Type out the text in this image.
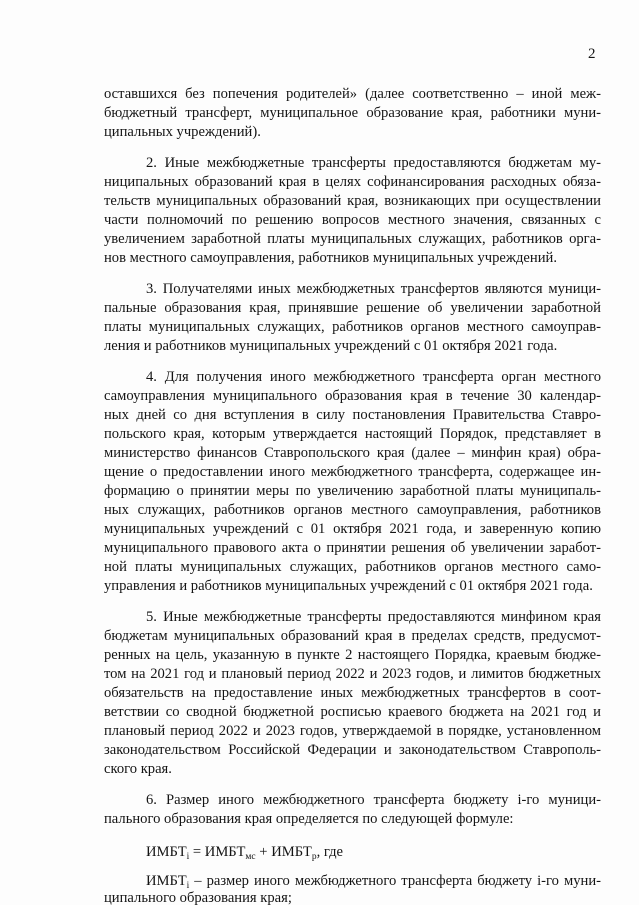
2
оставшихся без попечения родителей» (далее соответственно – иной меж-
бюджетный трансферт, муниципальное образование края, работники муни-
ципальных учреждений).
2. Иные межбюджетные трансферты предоставляются бюджетам му-
ниципальных образований края в целях софинансирования расходных обяза-
тельств муниципальных образований края, возникающих при осуществлении
части полномочий по решению вопросов местного значения, связанных с
увеличением заработной платы муниципальных служащих, работников орга-
нов местного самоуправления, работников муниципальных учреждений.
3. Получателями иных межбюджетных трансфертов являются муници-
пальные образования края, принявшие решение об увеличении заработной
платы муниципальных служащих, работников органов местного самоуправ-
ления и работников муниципальных учреждений с 01 октября 2021 года.
4. Для получения иного межбюджетного трансферта орган местного
самоуправления муниципального образования края в течение 30 календар-
ных дней со дня вступления в силу постановления Правительства Ставро-
польского края, которым утверждается настоящий Порядок, представляет в
министерство финансов Ставропольского края (далее – минфин края) обра-
щение о предоставлении иного межбюджетного трансферта, содержащее ин-
формацию о принятии меры по увеличению заработной платы муниципаль-
ных служащих, работников органов местного самоуправления, работников
муниципальных учреждений с 01 октября 2021 года, и заверенную копию
муниципального правового акта о принятии решения об увеличении заработ-
ной платы муниципальных служащих, работников органов местного само-
управления и работников муниципальных учреждений с 01 октября 2021 года.
5. Иные межбюджетные трансферты предоставляются минфином края
бюджетам муниципальных образований края в пределах средств, предусмот-
ренных на цель, указанную в пункте 2 настоящего Порядка, краевым бюдже-
том на 2021 год и плановый период 2022 и 2023 годов, и лимитов бюджетных
обязательств на предоставление иных межбюджетных трансфертов в соот-
ветствии со сводной бюджетной росписью краевого бюджета на 2021 год и
плановый период 2022 и 2023 годов, утверждаемой в порядке, установленном
законодательством Российской Федерации и законодательством Ставрополь-
ского края.
6. Размер иного межбюджетного трансферта бюджету i-го муници-
пального образования края определяется по следующей формуле:
$ИМБТ_i$ = $ИМБТ_{мс}$ + $ИМБТ_р$, где
$ИМБТ_i$ – размер иного межбюджетного трансферта бюджету i-го муни-
ципального образования края;
